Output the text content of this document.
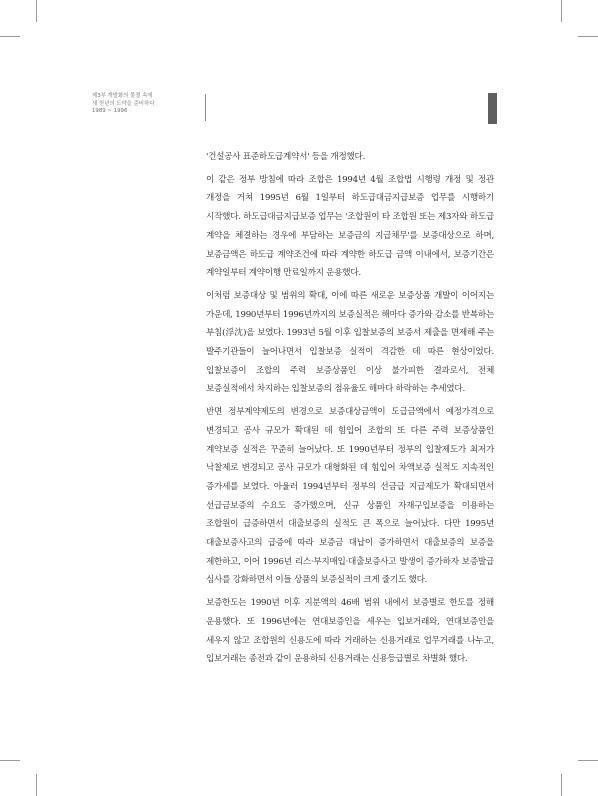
제3부 개발화의 물결 속에
새 천년의 도약을 준비하다
1989 ~ 1996

'건설공사 표준하도급계약서' 등을 개정했다.

이 같은 정부 방침에 따라 조합은 1994년 4월 조합법 시행령 개정 및 정관 개정을 거쳐 1995년 6월 1일부터 하도급대금지급보증 업무를 시행하기 시작했다. 하도급대금지급보증 업무는 '조합원이 타 조합원 또는 제3자와 하도급 계약을 체결하는 경우에 부담하는 보증금의 지급채무'를 보증대상으로 하며, 보증금액은 하도급 계약조건에 따라 계약한 하도급 금액 이내에서, 보증기간은 계약일부터 계약이행 만료일까지 운용했다.

이처럼 보증대상 및 범위의 확대, 이에 따른 새로운 보증상품 개발이 이어지는 가운데, 1990년부터 1996년까지의 보증실적은 해마다 증가와 감소를 반복하는 부침(浮沈)을 보였다. 1993년 5월 이후 입찰보증의 보증서 제출을 면제해 주는 발주기관들이 늘어나면서 입찰보증 실적이 격감한 데 따른 현상이었다. 입찰보증이 조합의 주력 보증상품인 이상 불가피한 결과로서, 전체 보증실적에서 차지하는 입찰보증의 점유율도 해마다 하락하는 추세였다.

반면 정부계약제도의 변경으로 보증대상금액이 도급금액에서 예정가격으로 변경되고 공사 규모가 확대된 데 힘입어 조합의 또 다른 주력 보증상품인 계약보증 실적은 꾸준히 늘어났다. 또 1990년부터 정부의 입찰제도가 최저가 낙찰제로 변경되고 공사 규모가 대형화된 데 힘입어 차액보증 실적도 지속적인 증가세를 보였다. 아울러 1994년부터 정부의 선금급 지급제도가 확대되면서 선급금보증의 수요도 증가했으며, 신규 상품인 자재구입보증을 이용하는 조합원이 급증하면서 대출보증의 실적도 큰 폭으로 늘어났다. 다만 1995년 대출보증사고의 급증에 따라 보증금 대납이 증가하면서 대출보증의 보증을 제한하고, 이어 1996년 리스·부지매입·대출보증사고 발생이 증가하자 보증발급 심사를 강화하면서 이들 상품의 보증실적이 크게 줄기도 했다.

보증한도는 1990년 이후 지분액의 46배 범위 내에서 보증별로 한도를 정해 운용했다. 또 1996년에는 연대보증인을 세우는 입보거래와, 연대보증인을 세우지 않고 조합원의 신용도에 따라 거래하는 신용거래로 업무거래를 나누고, 입보거래는 종전과 같이 운용하되 신용거래는 신용등급별로 차별화 했다.
